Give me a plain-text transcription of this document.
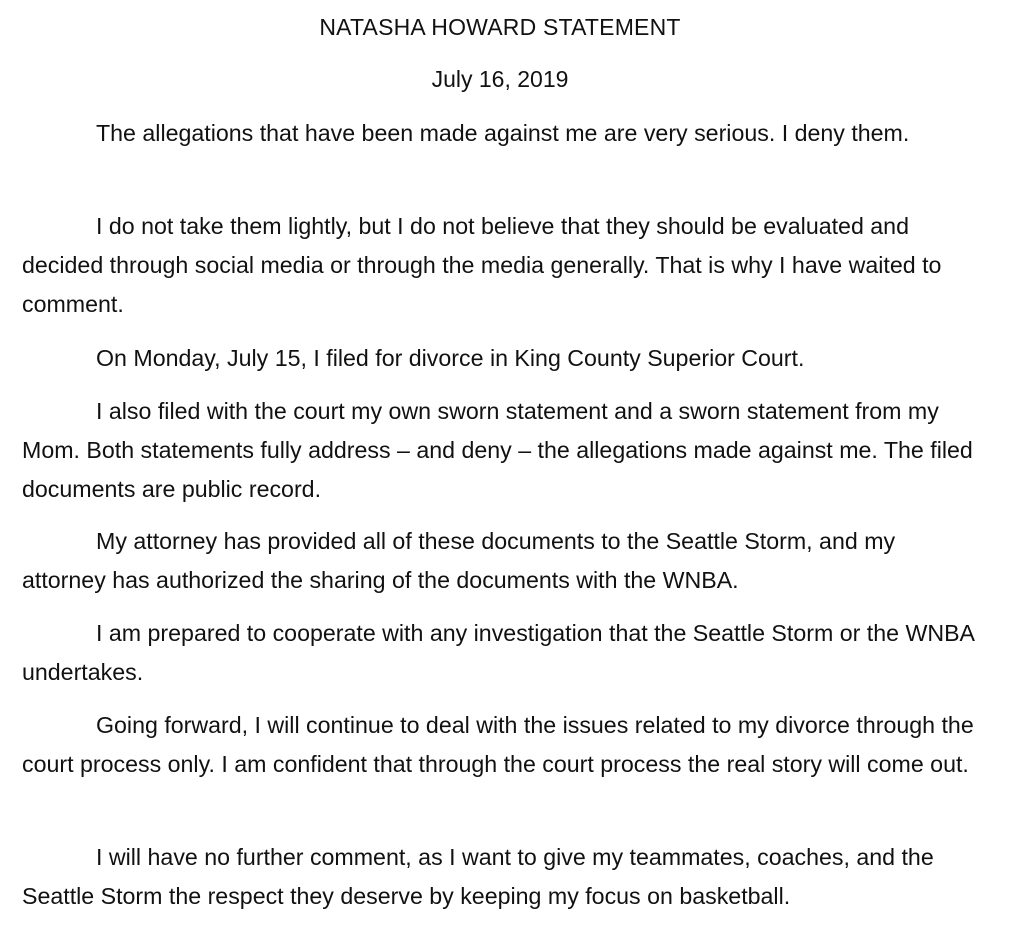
NATASHA HOWARD STATEMENT
July 16, 2019

The allegations that have been made against me are very serious. I deny them.

I do not take them lightly, but I do not believe that they should be evaluated and decided through social media or through the media generally. That is why I have waited to comment.

On Monday, July 15, I filed for divorce in King County Superior Court.

I also filed with the court my own sworn statement and a sworn statement from my Mom. Both statements fully address – and deny – the allegations made against me. The filed documents are public record.

My attorney has provided all of these documents to the Seattle Storm, and my attorney has authorized the sharing of the documents with the WNBA.

I am prepared to cooperate with any investigation that the Seattle Storm or the WNBA undertakes.

Going forward, I will continue to deal with the issues related to my divorce through the court process only. I am confident that through the court process the real story will come out.

I will have no further comment, as I want to give my teammates, coaches, and the Seattle Storm the respect they deserve by keeping my focus on basketball.
